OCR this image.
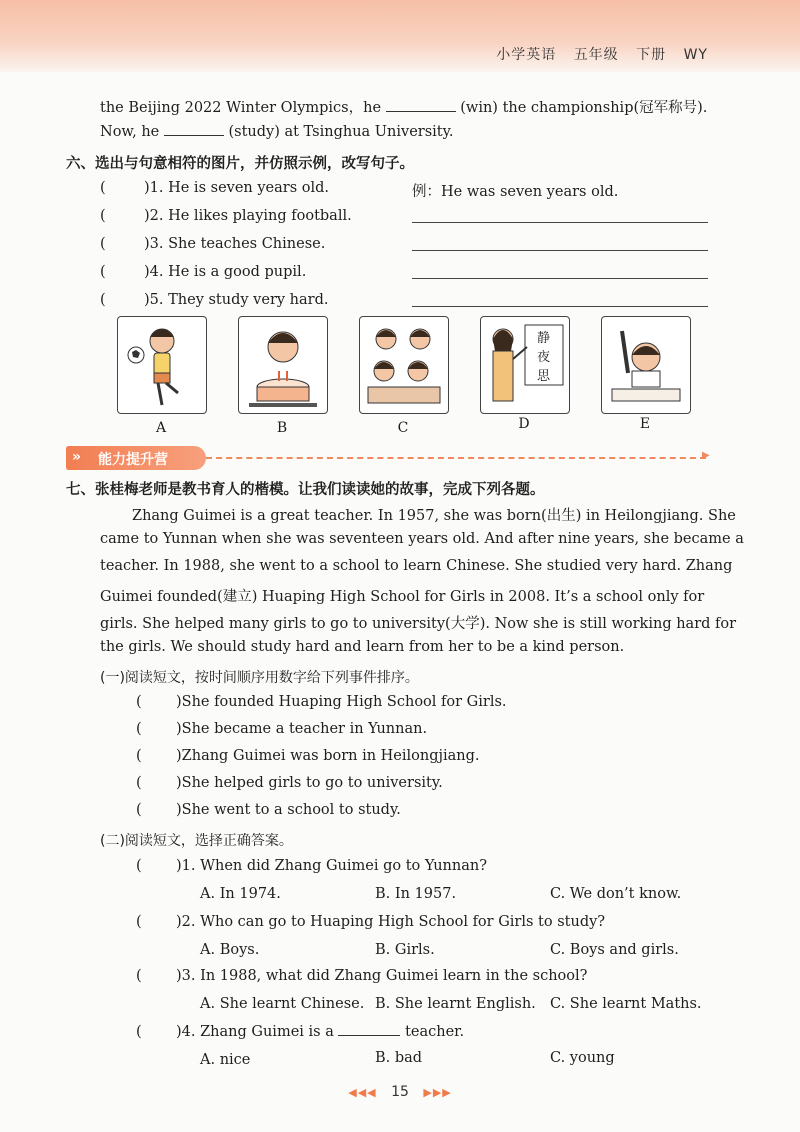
小学英语 五年级 下册 WY
the Beijing 2022 Winter Olympics，he	(win) the championship(冠军称号).
Now, he	(study) at Tsinghua University.
六、选出与句意相符的图片，并仿照示例，改写句子。
(	)1. He is seven years old.
(	)2. He likes playing football.
(	)3. She teaches Chinese.
(	)4. He is a good pupil.
(	)5. They study very hard.
例：He was seven years old.
静
夜
思
A	B	C	D	E
» 能力提升营	▶
七、张桂梅老师是教书育人的楷模。让我们读读她的故事，完成下列各题。
Zhang Guimei is a great teacher. In 1957, she was born(出生) in Heilongjiang. She
came to Yunnan when she was seventeen years old. And after nine years, she became a
teacher. In 1988, she went to a school to learn Chinese. She studied very hard. Zhang
Guimei founded(建立) Huaping High School for Girls in 2008. It’s a school only for
girls. She helped many girls to go to university(大学). Now she is still working hard for
the girls. We should study hard and learn from her to be a kind person.
(一)阅读短文，按时间顺序用数字给下列事件排序。
( )She founded Huaping High School for Girls.
( )She became a teacher in Yunnan.
( )Zhang Guimei was born in Heilongjiang.
( )She helped girls to go to university.
( )She went to a school to study.
(二)阅读短文，选择正确答案。
( )1. When did Zhang Guimei go to Yunnan?
A. In 1974.	B. In 1957.	C. We don’t know.
( )2. Who can go to Huaping High School for Girls to study?
A. Boys.	B. Girls.	C. Boys and girls.
( )3. In 1988, what did Zhang Guimei learn in the school?
A. She learnt Chinese. B. She learnt English. C. She learnt Maths.
( )4. Zhang Guimei is a	teacher.
A. nice	B. bad	C. young
◀◀◀ 15 ▶▶▶
